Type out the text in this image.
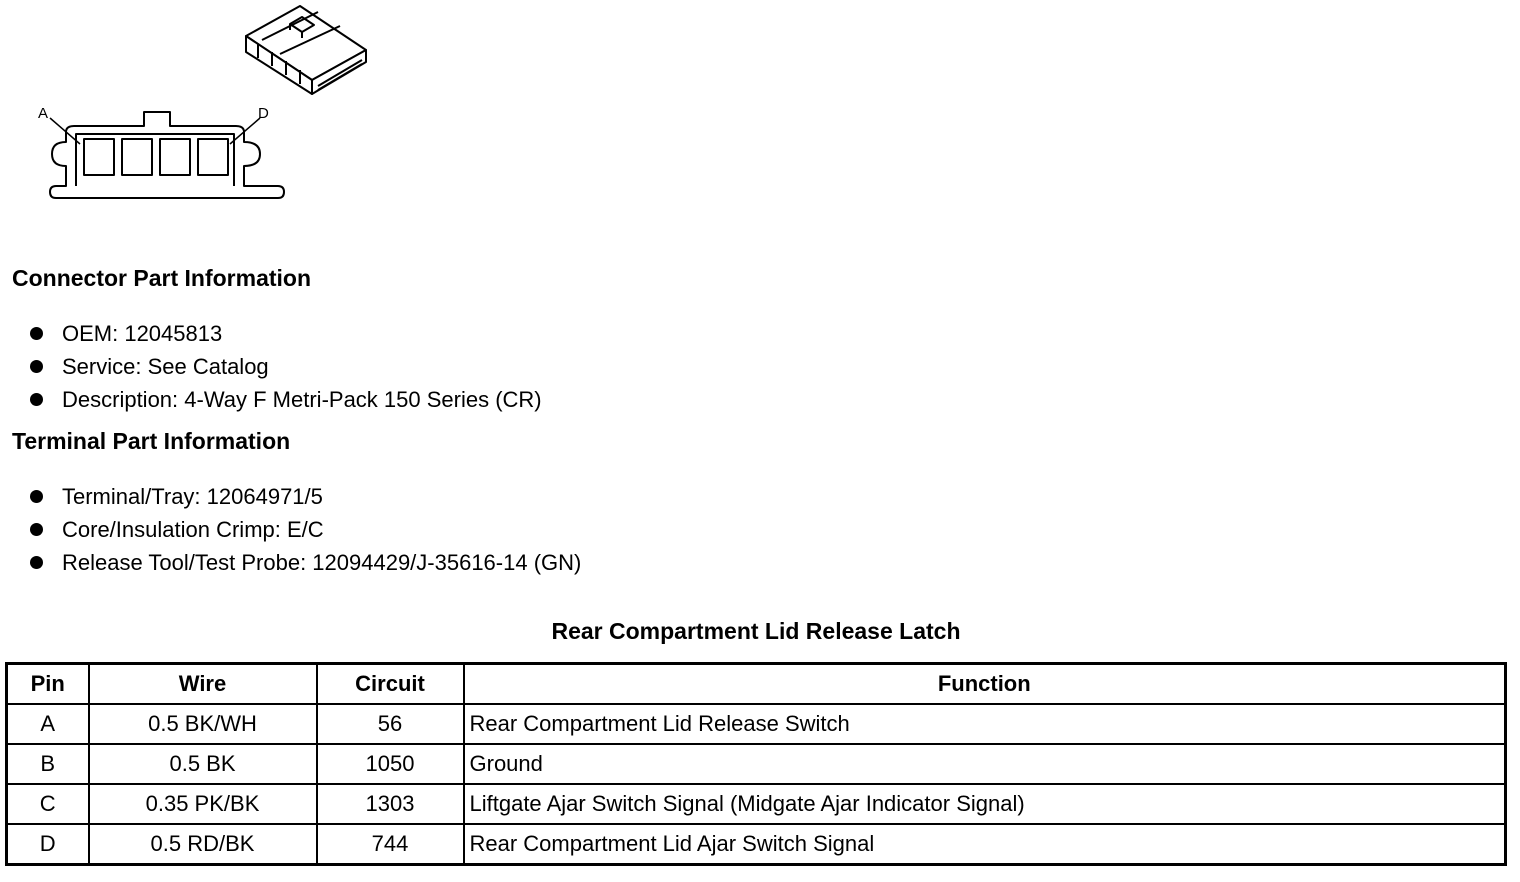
A	D
Connector Part Information
OEM: 12045813
Service: See Catalog
Description: 4-Way F Metri-Pack 150 Series (CR)
Terminal Part Information
Terminal/Tray: 12064971/5
Core/Insulation Crimp: E/C
Release Tool/Test Probe: 12094429/J-35616-14 (GN)
Rear Compartment Lid Release Latch
Pin	Wire	Circuit	Function
A	0.5 BK/WH	56	Rear Compartment Lid Release Switch
B	0.5 BK	1050	Ground
C	0.35 PK/BK	1303	Liftgate Ajar Switch Signal (Midgate Ajar Indicator Signal)
D	0.5 RD/BK	744	Rear Compartment Lid Ajar Switch Signal
